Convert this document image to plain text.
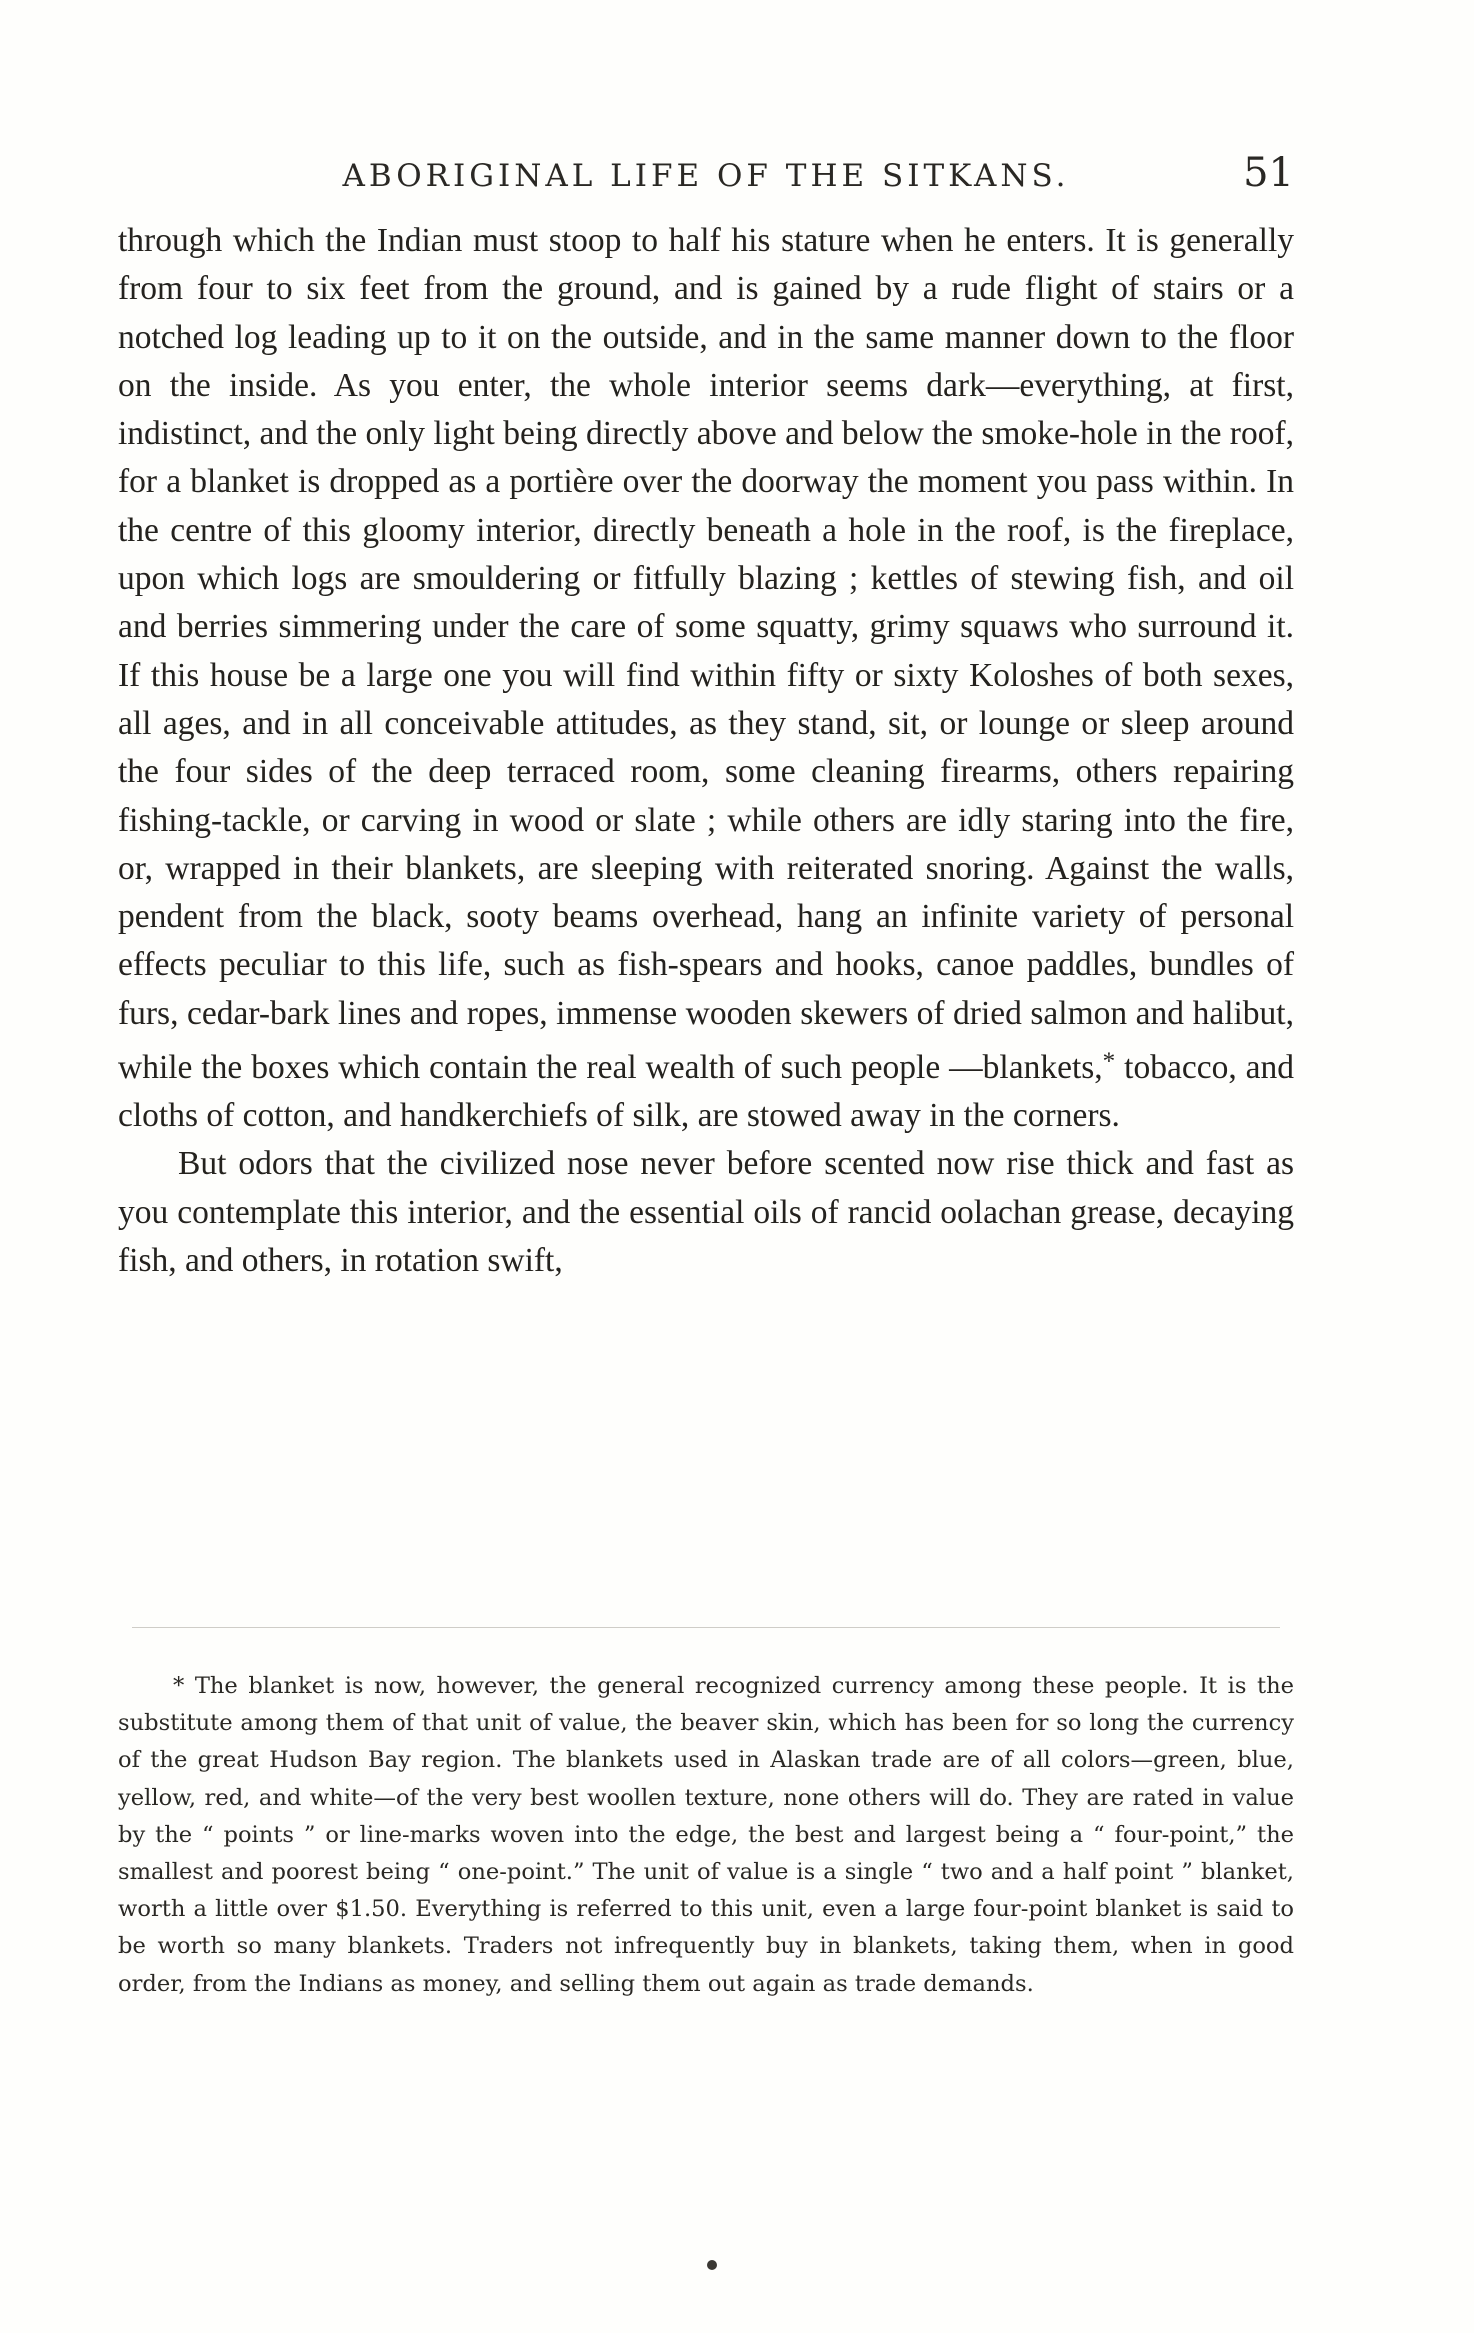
ABORIGINAL LIFE OF THE SITKANS.	51

through which the Indian must stoop to half his stature when he enters. It is generally from four to six feet from the ground, and is gained by a rude flight of stairs or a notched log leading up to it on the outside, and in the same manner down to the floor on the inside. As you enter, the whole interior seems dark—everything, at first, indistinct, and the only light being directly above and below the smoke-hole in the roof, for a blanket is dropped as a portière over the doorway the moment you pass within. In the centre of this gloomy interior, directly beneath a hole in the roof, is the fireplace, upon which logs are smouldering or fitfully blazing ; kettles of stewing fish, and oil and berries simmering under the care of some squatty, grimy squaws who surround it. If this house be a large one you will find within fifty or sixty Koloshes of both sexes, all ages, and in all conceivable attitudes, as they stand, sit, or lounge or sleep around the four sides of the deep terraced room, some cleaning firearms, others repairing fishing-tackle, or carving in wood or slate ; while others are idly staring into the fire, or, wrapped in their blankets, are sleeping with reiterated snoring. Against the walls, pendent from the black, sooty beams overhead, hang an infinite variety of personal effects peculiar to this life, such as fish-spears and hooks, canoe paddles, bundles of furs, cedar-bark lines and ropes, immense wooden skewers of dried salmon and halibut, while the boxes which contain the real wealth of such people —blankets,* tobacco, and cloths of cotton, and handkerchiefs of silk, are stowed away in the corners.

But odors that the civilized nose never before scented now rise thick and fast as you contemplate this interior, and the essential oils of rancid oolachan grease, decaying fish, and others, in rotation swift,

* The blanket is now, however, the general recognized currency among these people. It is the substitute among them of that unit of value, the beaver skin, which has been for so long the currency of the great Hudson Bay region. The blankets used in Alaskan trade are of all colors—green, blue, yellow, red, and white—of the very best woollen texture, none others will do. They are rated in value by the “ points ” or line-marks woven into the edge, the best and largest being a “ four-point,” the smallest and poorest being “ one-point.” The unit of value is a single “ two and a half point ” blanket, worth a little over $1.50. Everything is referred to this unit, even a large four-point blanket is said to be worth so many blankets. Traders not infrequently buy in blankets, taking them, when in good order, from the Indians as money, and selling them out again as trade demands.
